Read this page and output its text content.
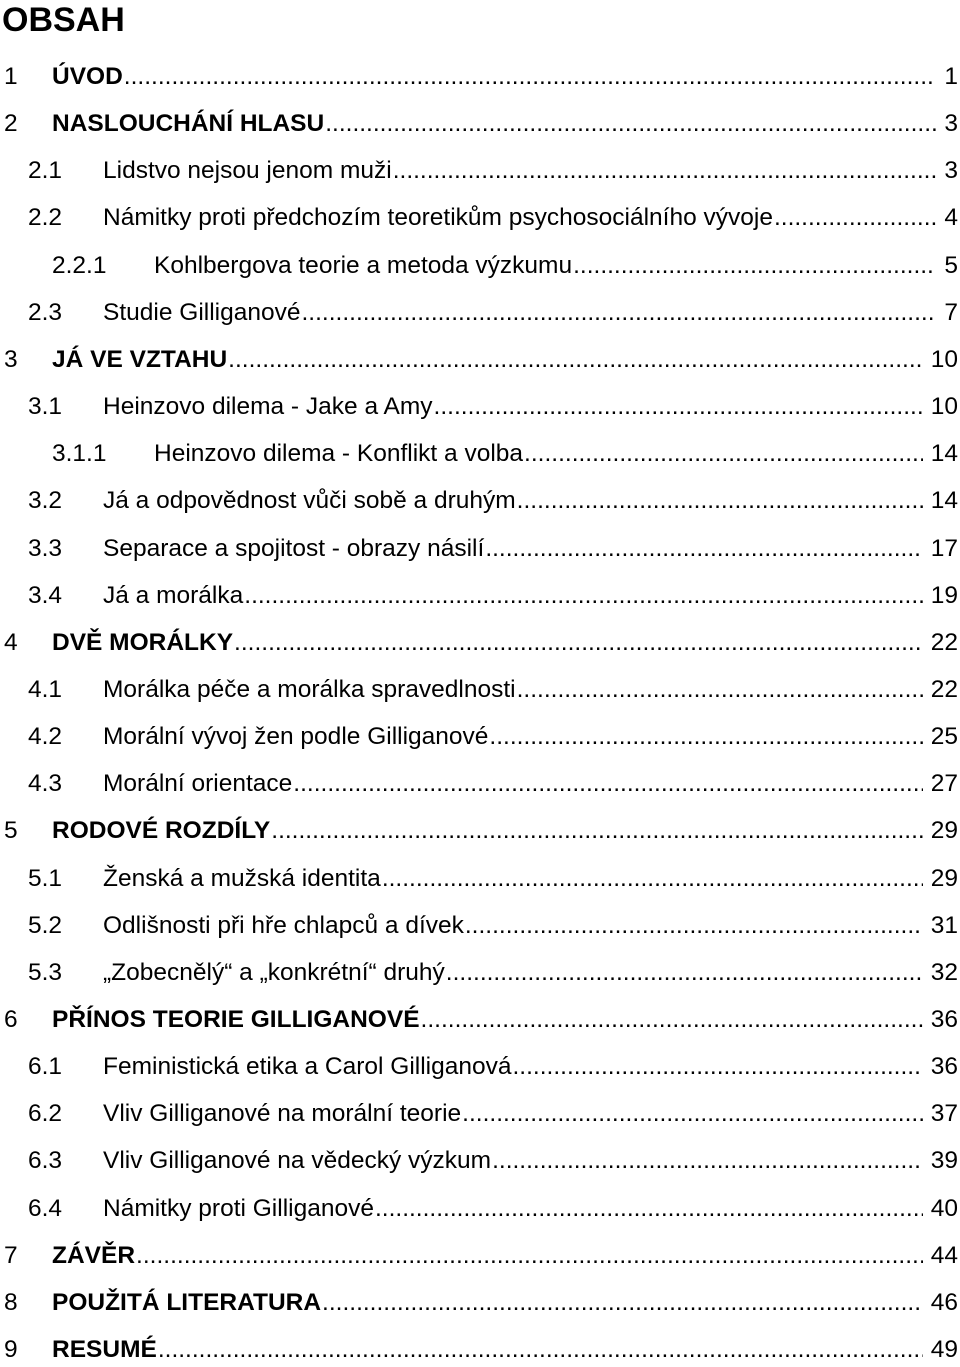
OBSAH
1 ÚVOD .....	1
2 NASLOUCHÁNÍ HLASU .....	3
2.1 Lidstvo nejsou jenom muži .....	3
2.2 Námitky proti předchozím teoretikům psychosociálního vývoje .....	4
2.2.1 Kohlbergova teorie a metoda výzkumu .....	5
2.3 Studie Gilliganové .....	7
3 JÁ VE VZTAHU .....	10
3.1 Heinzovo dilema - Jake a Amy .....	10
3.1.1 Heinzovo dilema - Konflikt a volba .....	14
3.2 Já a odpovědnost vůči sobě a druhým .....	14
3.3 Separace a spojitost - obrazy násilí .....	17
3.4 Já a morálka .....	19
4 DVĚ MORÁLKY .....	22
4.1 Morálka péče a morálka spravedlnosti .....	22
4.2 Morální vývoj žen podle Gilliganové .....	25
4.3 Morální orientace .....	27
5 RODOVÉ ROZDÍLY .....	29
5.1 Ženská a mužská identita .....	29
5.2 Odlišnosti při hře chlapců a dívek .....	31
5.3 „Zobecnělý“ a „konkrétní“ druhý .....	32
6 PŘÍNOS TEORIE GILLIGANOVÉ .....	36
6.1 Feministická etika a Carol Gilliganová .....	36
6.2 Vliv Gilliganové na morální teorie .....	37
6.3 Vliv Gilliganové na vědecký výzkum .....	39
6.4 Námitky proti Gilliganové .....	40
7 ZÁVĚR .....	44
8 POUŽITÁ LITERATURA .....	46
9 RESUMÉ .....	49
